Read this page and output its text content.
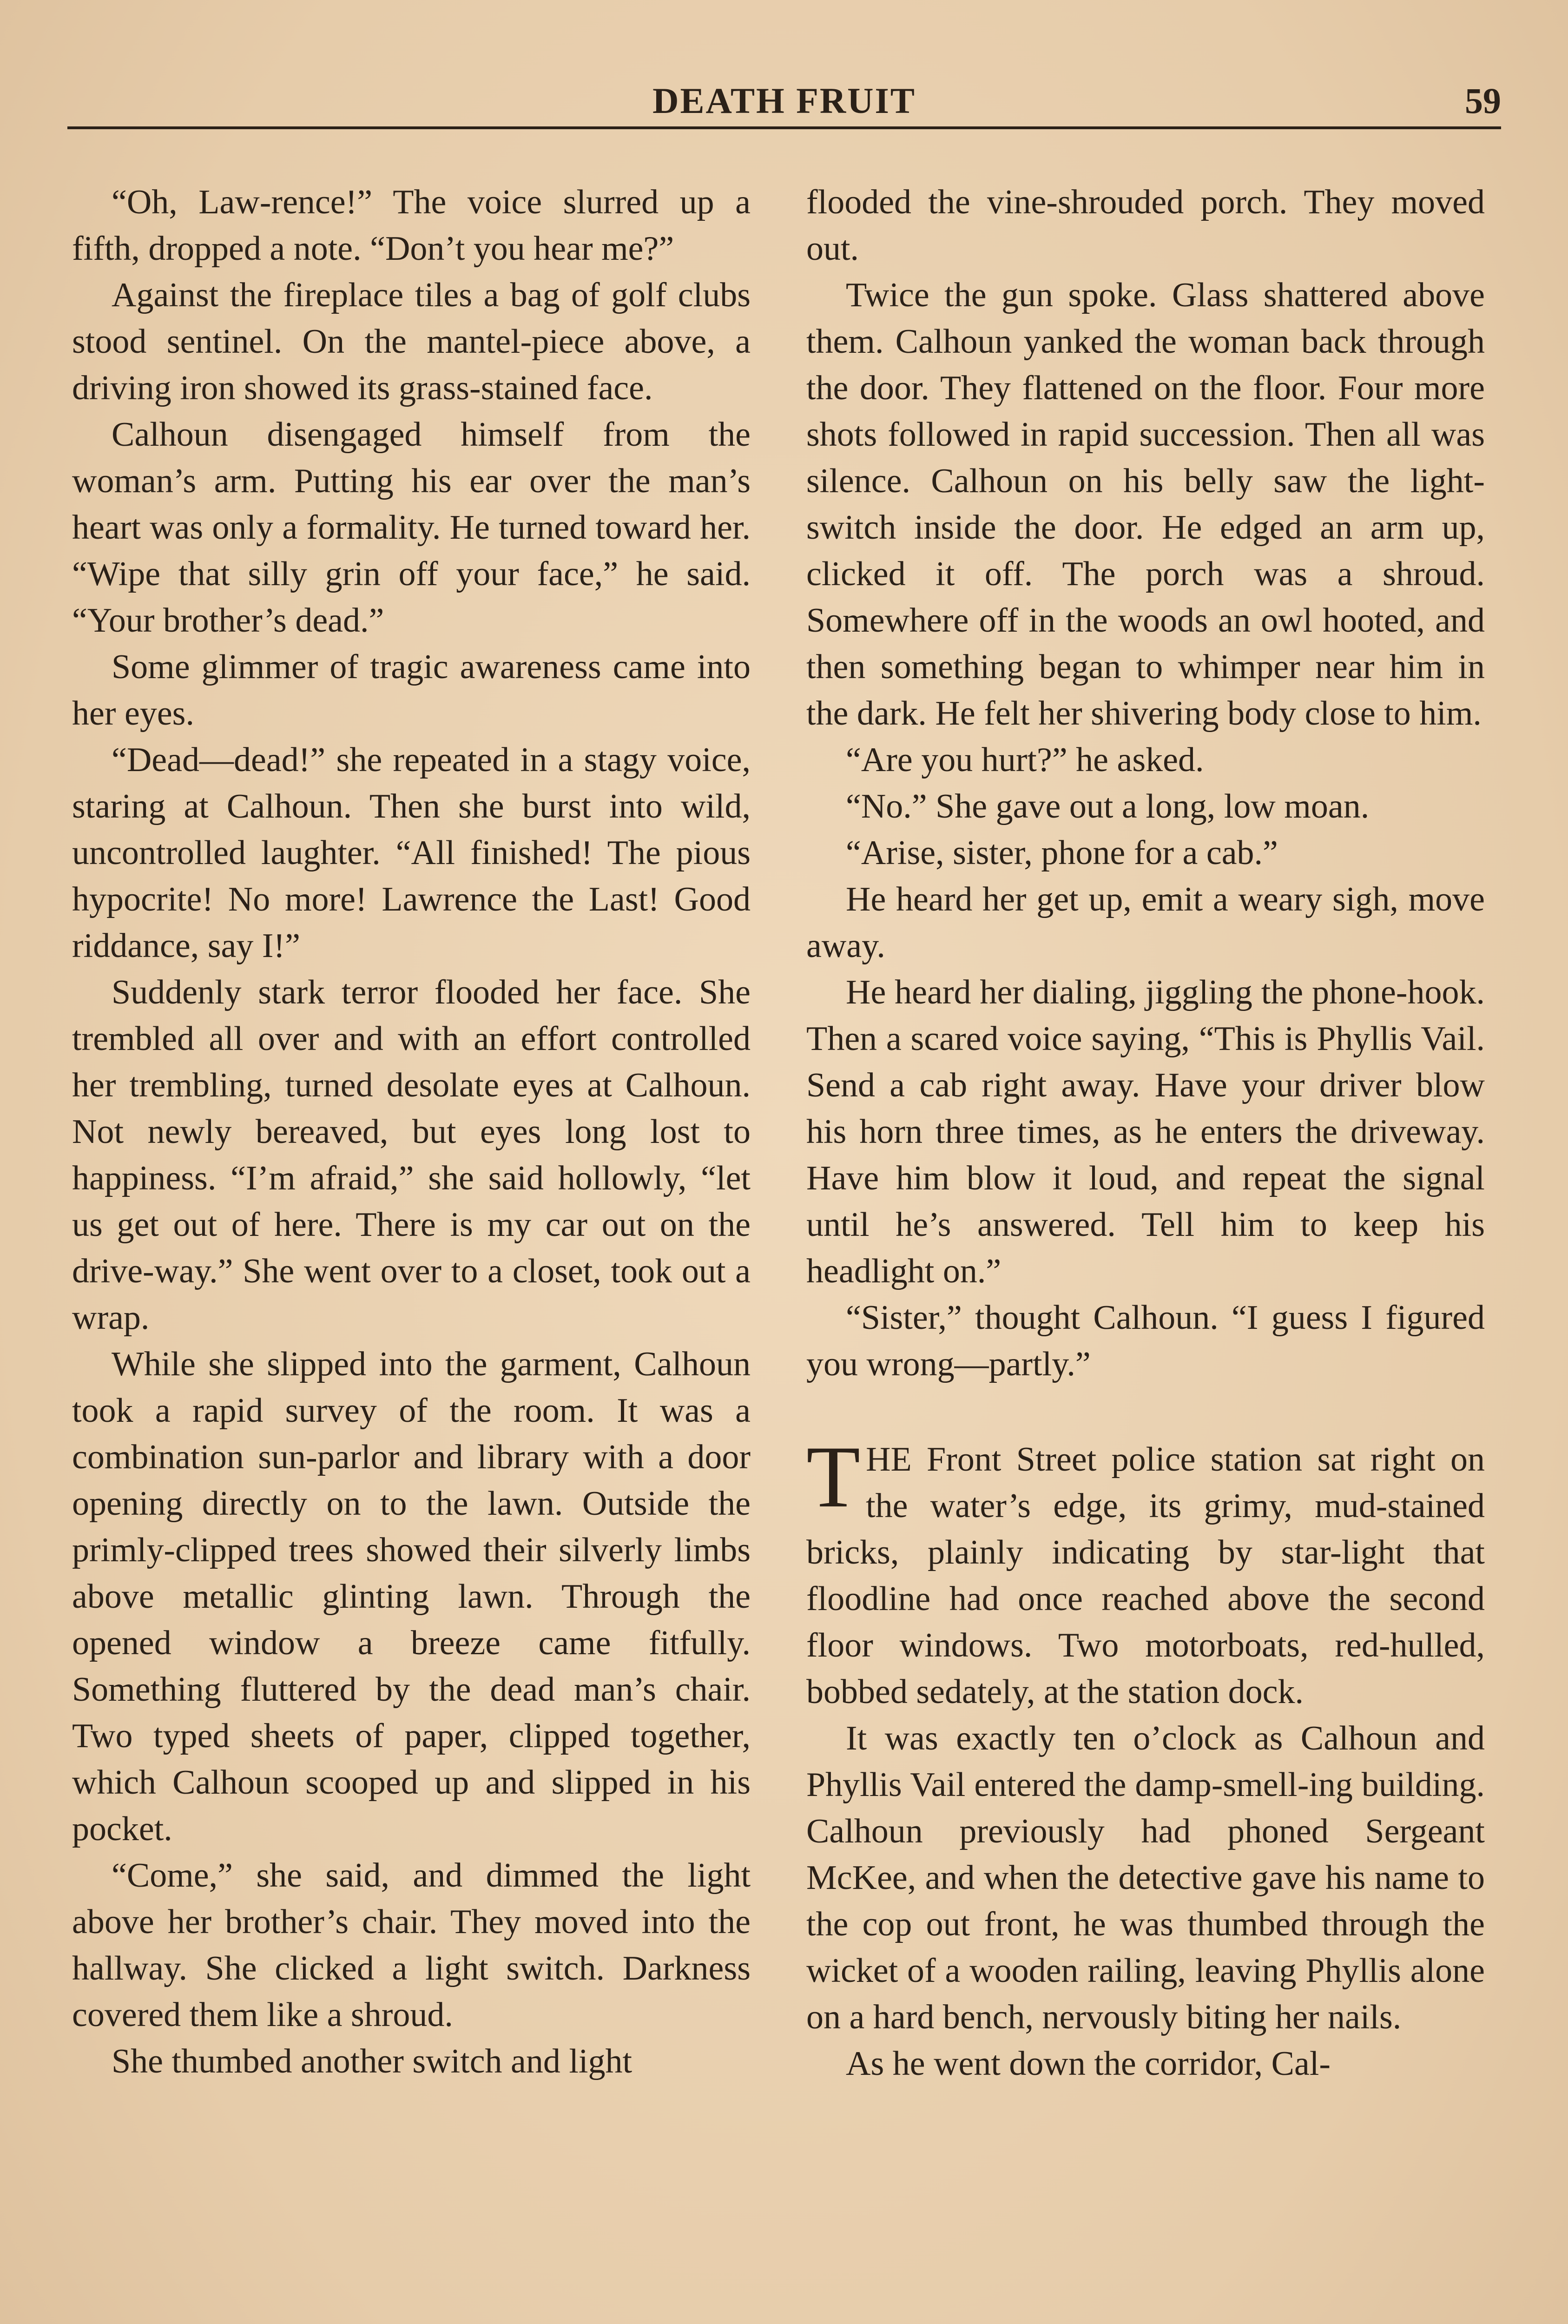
DEATH FRUIT	59

“Oh, Law-rence!” The voice slurred up a fifth, dropped a note. “Don’t you hear me?”

Against the fireplace tiles a bag of golf clubs stood sentinel. On the mantel-piece above, a driving iron showed its grass-stained face.

Calhoun disengaged himself from the woman’s arm. Putting his ear over the man’s heart was only a formality. He turned toward her. “Wipe that silly grin off your face,” he said. “Your brother’s dead.”

Some glimmer of tragic awareness came into her eyes.

“Dead—dead!” she repeated in a stagy voice, staring at Calhoun. Then she burst into wild, uncontrolled laughter. “All finished! The pious hypocrite! No more! Lawrence the Last! Good riddance, say I!”

Suddenly stark terror flooded her face. She trembled all over and with an effort controlled her trembling, turned desolate eyes at Calhoun. Not newly bereaved, but eyes long lost to happiness. “I’m afraid,” she said hollowly, “let us get out of here. There is my car out on the drive-way.” She went over to a closet, took out a wrap.

While she slipped into the garment, Calhoun took a rapid survey of the room. It was a combination sun-parlor and library with a door opening directly on to the lawn. Outside the primly-clipped trees showed their silverly limbs above metallic glinting lawn. Through the opened window a breeze came fitfully. Something fluttered by the dead man’s chair. Two typed sheets of paper, clipped together, which Calhoun scooped up and slipped in his pocket.

“Come,” she said, and dimmed the light above her brother’s chair. They moved into the hallway. She clicked a light switch. Darkness covered them like a shroud.

She thumbed another switch and light

flooded the vine-shrouded porch. They moved out.

Twice the gun spoke. Glass shattered above them. Calhoun yanked the woman back through the door. They flattened on the floor. Four more shots followed in rapid succession. Then all was silence. Calhoun on his belly saw the light-switch inside the door. He edged an arm up, clicked it off. The porch was a shroud. Somewhere off in the woods an owl hooted, and then something began to whimper near him in the dark. He felt her shivering body close to him.

“Are you hurt?” he asked.

“No.” She gave out a long, low moan.

“Arise, sister, phone for a cab.”

He heard her get up, emit a weary sigh, move away.

He heard her dialing, jiggling the phone-hook. Then a scared voice saying, “This is Phyllis Vail. Send a cab right away. Have your driver blow his horn three times, as he enters the driveway. Have him blow it loud, and repeat the signal until he’s answered. Tell him to keep his headlight on.”

“Sister,” thought Calhoun. “I guess I figured you wrong—partly.”

THE Front Street police station sat right on the water’s edge, its grimy, mud-stained bricks, plainly indicating by star-light that floodline had once reached above the second floor windows. Two motorboats, red-hulled, bobbed sedately, at the station dock.

It was exactly ten o’clock as Calhoun and Phyllis Vail entered the damp-smell-ing building. Calhoun previously had phoned Sergeant McKee, and when the detective gave his name to the cop out front, he was thumbed through the wicket of a wooden railing, leaving Phyllis alone on a hard bench, nervously biting her nails.

As he went down the corridor, Cal-
